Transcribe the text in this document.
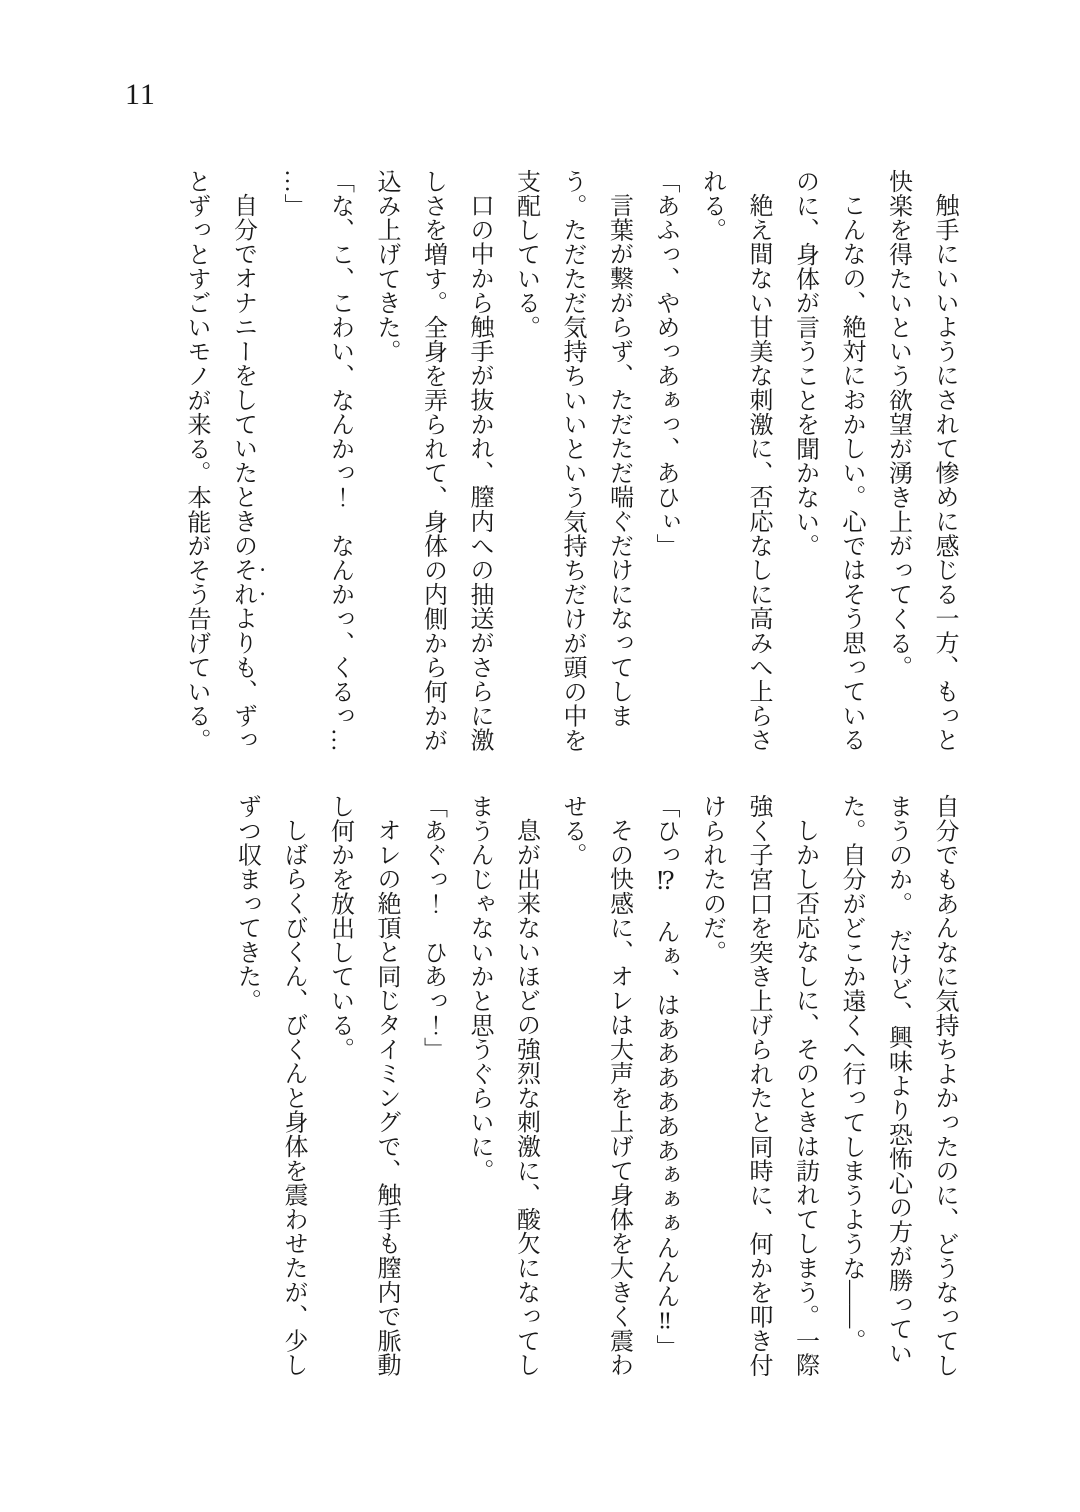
11

触手にいいようにされて惨めに感じる一方、もっと快楽を得たいという欲望が湧き上がってくる。

こんなの、絶対におかしい。心ではそう思っているのに、身体が言うことを聞かない。

絶え間ない甘美な刺激に、否応なしに高みへ上らされる。

「あふっ、やめっあぁっ、あひぃ」

言葉が繋がらず、ただただ喘ぐだけになってしまう。ただただ気持ちいいという気持ちだけが頭の中を支配している。

口の中から触手が抜かれ、膣内への抽送がさらに激しさを増す。全身を弄られて、身体の内側から何かが込み上げてきた。

「な、こ、こわい、なんかっ！　なんかっ、くるっ……」

自分でオナニーをしていたときのそれよりも、ずっとずっとすごいモノが来る。本能がそう告げている。

自分でもあんなに気持ちよかったのに、どうなってしまうのか。　だけど、興味より恐怖心の方が勝っていた。自分がどこか遠くへ行ってしまうような――。

しかし否応なしに、そのときは訪れてしまう。一際強く子宮口を突き上げられたと同時に、何かを叩き付けられたのだ。

「ひっ⁉　んぁ、はああああああぁぁぁんんん‼」

その快感に、オレは大声を上げて身体を大きく震わせる。

息が出来ないほどの強烈な刺激に、酸欠になってしまうんじゃないかと思うぐらいに。

「あぐっ！　ひあっ！」

オレの絶頂と同じタイミングで、触手も膣内で脈動し何かを放出している。

しばらくびくん、びくんと身体を震わせたが、少しずつ収まってきた。
